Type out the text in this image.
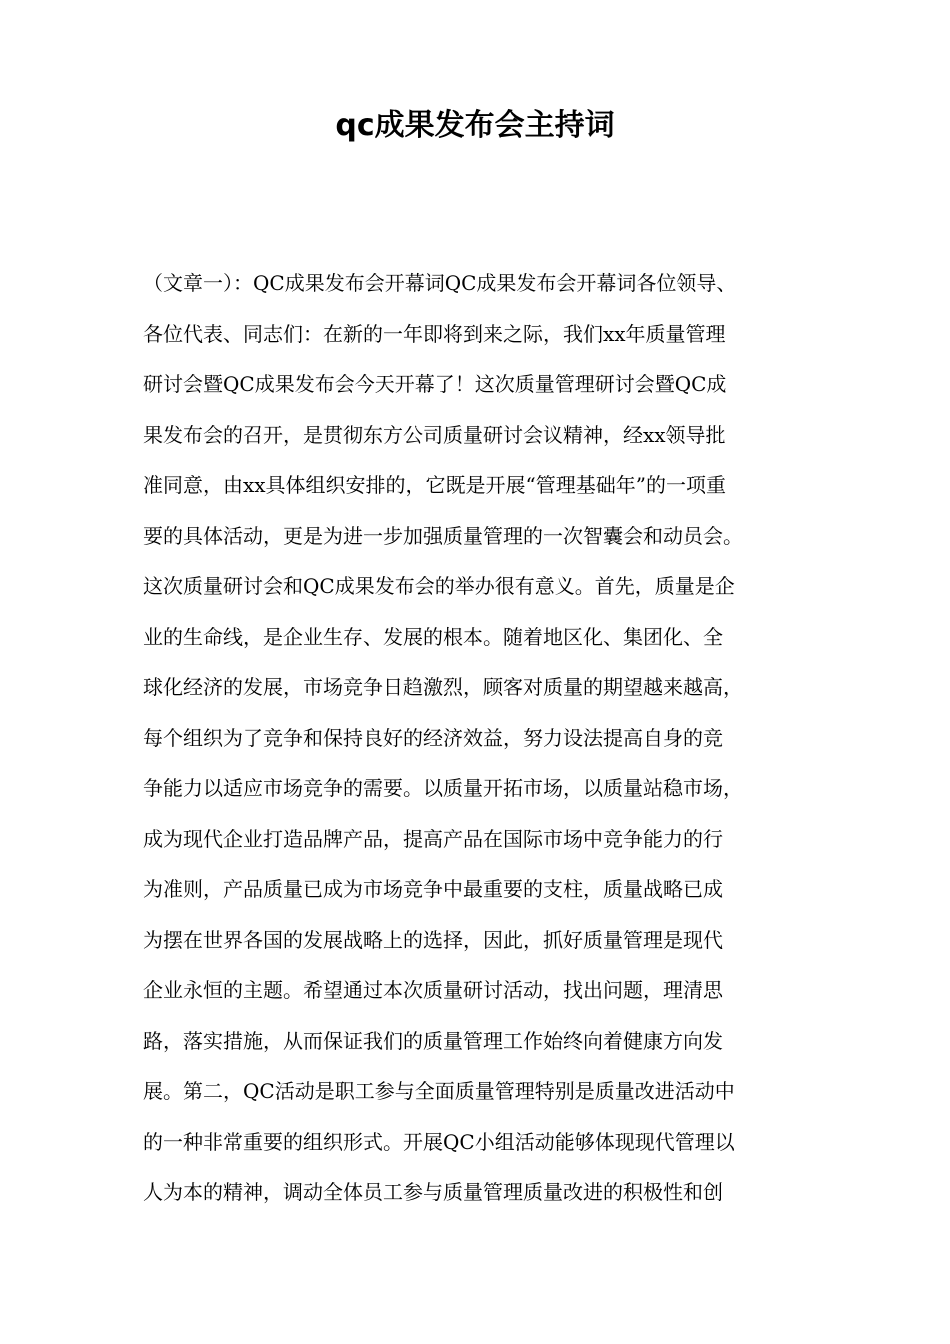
qc成果发布会主持词
（文章一）：QC成果发布会开幕词QC成果发布会开幕词各位领导、
各位代表、同志们：在新的一年即将到来之际，我们xx年质量管理
研讨会暨QC成果发布会今天开幕了！这次质量管理研讨会暨QC成
果发布会的召开，是贯彻东方公司质量研讨会议精神，经xx领导批
准同意，由xx具体组织安排的，它既是开展“管理基础年”的一项重
要的具体活动，更是为进一步加强质量管理的一次智囊会和动员会。
这次质量研讨会和QC成果发布会的举办很有意义。首先，质量是企
业的生命线，是企业生存、发展的根本。随着地区化、集团化、全
球化经济的发展，市场竞争日趋激烈，顾客对质量的期望越来越高，
每个组织为了竞争和保持良好的经济效益，努力设法提高自身的竞
争能力以适应市场竞争的需要。以质量开拓市场，以质量站稳市场，
成为现代企业打造品牌产品，提高产品在国际市场中竞争能力的行
为准则，产品质量已成为市场竞争中最重要的支柱，质量战略已成
为摆在世界各国的发展战略上的选择，因此，抓好质量管理是现代
企业永恒的主题。希望通过本次质量研讨活动，找出问题，理清思
路，落实措施，从而保证我们的质量管理工作始终向着健康方向发
展。第二，QC活动是职工参与全面质量管理特别是质量改进活动中
的一种非常重要的组织形式。开展QC小组活动能够体现现代管理以
人为本的精神，调动全体员工参与质量管理质量改进的积极性和创
